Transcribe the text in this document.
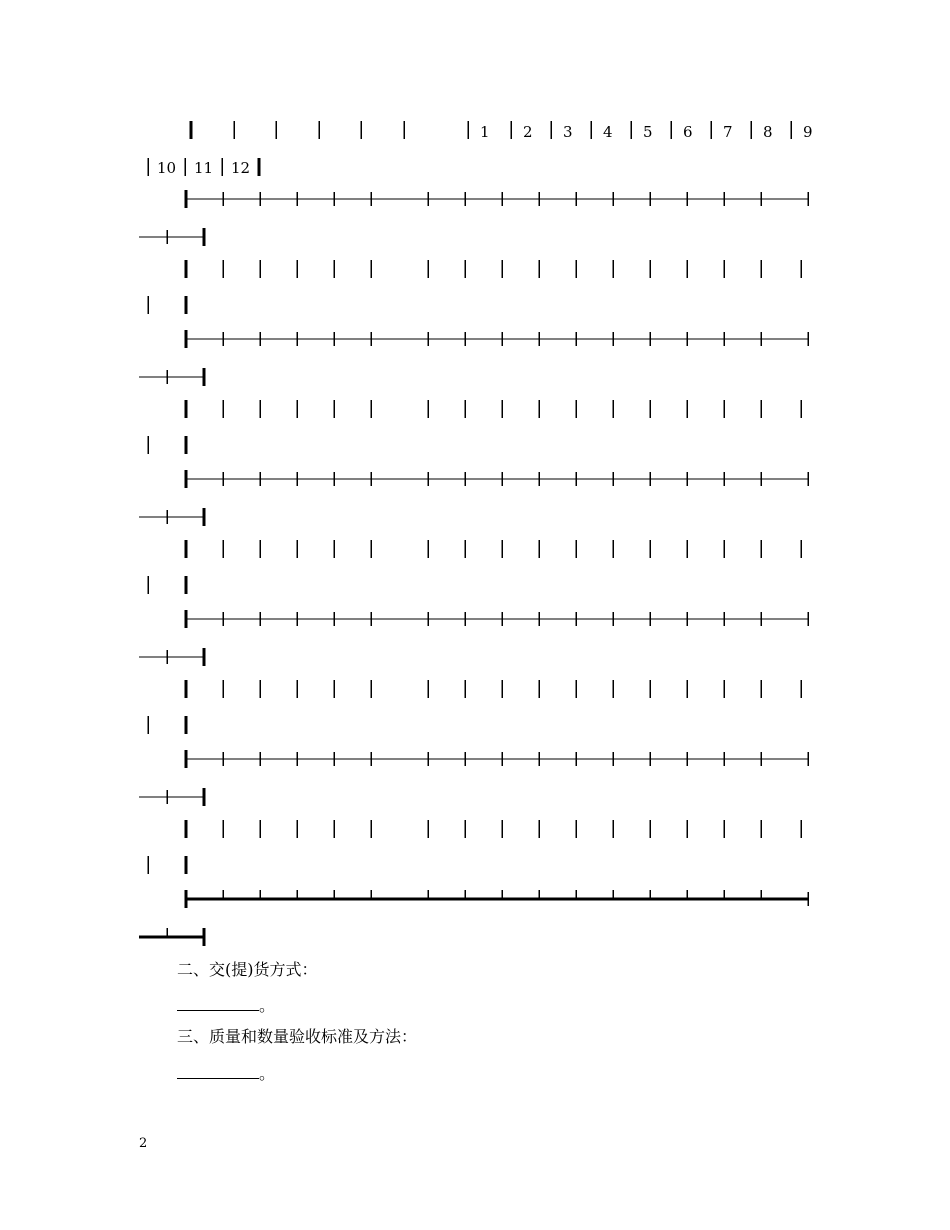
1 2 3 4 5 6 7 8 9
10 11 12
二、交(提)货方式：
。
三、质量和数量验收标准及方法：
。
2
